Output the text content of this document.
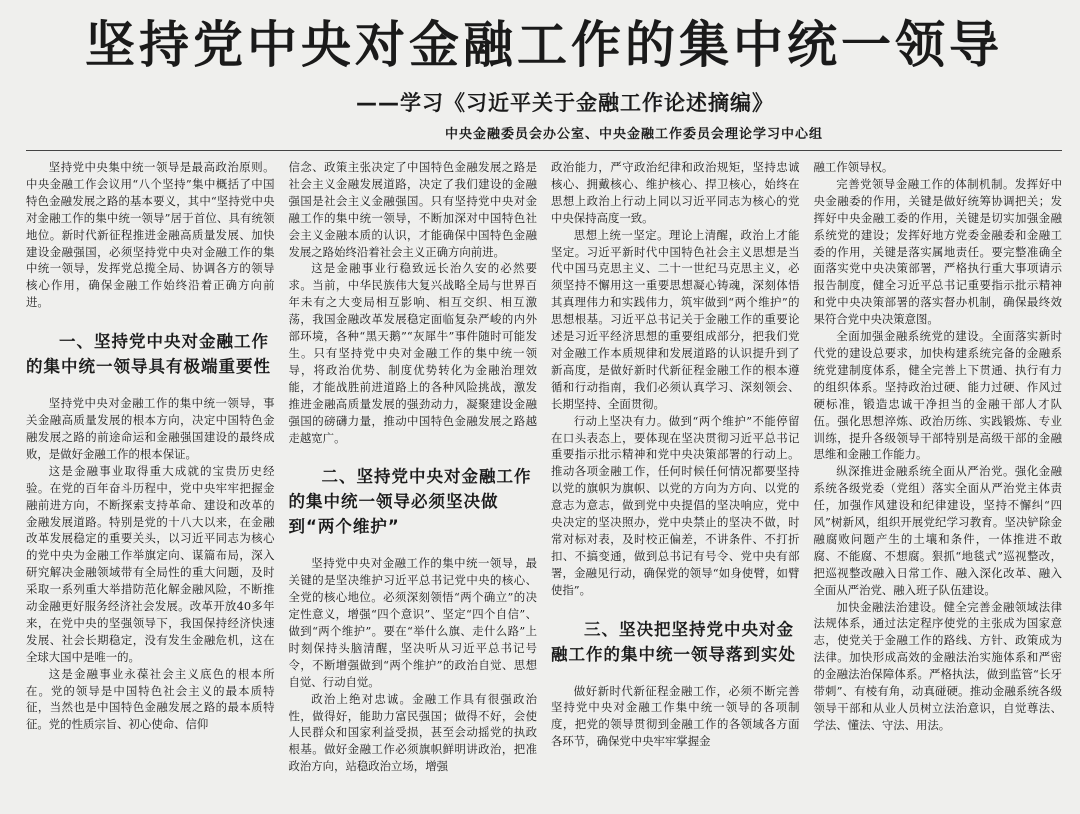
坚持党中央对金融工作的集中统一领导
——学习《习近平关于金融工作论述摘编》
中央金融委员会办公室、中央金融工作委员会理论学习中心组

坚持党中央集中统一领导是最高政治原则。中央金融工作会议用“八个坚持”集中概括了中国特色金融发展之路的基本要义，其中“坚持党中央对金融工作的集中统一领导”居于首位、具有统领地位。新时代新征程推进金融高质量发展、加快建设金融强国，必须坚持党中央对金融工作的集中统一领导，发挥党总揽全局、协调各方的领导核心作用，确保金融工作始终沿着正确方向前进。

一、坚持党中央对金融工作的集中统一领导具有极端重要性

坚持党中央对金融工作的集中统一领导，事关金融高质量发展的根本方向，决定中国特色金融发展之路的前途命运和金融强国建设的最终成败，是做好金融工作的根本保证。

这是金融事业取得重大成就的宝贵历史经验。在党的百年奋斗历程中，党中央牢牢把握金融前进方向，不断探索支持革命、建设和改革的金融发展道路。特别是党的十八大以来，在金融改革发展稳定的重要关头，以习近平同志为核心的党中央为金融工作举旗定向、谋篇布局，深入研究解决金融领域带有全局性的重大问题，及时采取一系列重大举措防范化解金融风险，不断推动金融更好服务经济社会发展。改革开放40多年来，在党中央的坚强领导下，我国保持经济快速发展、社会长期稳定，没有发生金融危机，这在全球大国中是唯一的。

这是金融事业永葆社会主义底色的根本所在。党的领导是中国特色社会主义的最本质特征，当然也是中国特色金融发展之路的最本质特征。党的性质宗旨、初心使命、信仰

信念、政策主张决定了中国特色金融发展之路是社会主义金融发展道路，决定了我们建设的金融强国是社会主义金融强国。只有坚持党中央对金融工作的集中统一领导，不断加深对中国特色社会主义金融本质的认识，才能确保中国特色金融发展之路始终沿着社会主义正确方向前进。

这是金融事业行稳致远长治久安的必然要求。当前，中华民族伟大复兴战略全局与世界百年未有之大变局相互影响、相互交织、相互激荡，我国金融改革发展稳定面临复杂严峻的内外部环境，各种“黑天鹅”“灰犀牛”事件随时可能发生。只有坚持党中央对金融工作的集中统一领导，将政治优势、制度优势转化为金融治理效能，才能战胜前进道路上的各种风险挑战，激发推进金融高质量发展的强劲动力，凝聚建设金融强国的磅礴力量，推动中国特色金融发展之路越走越宽广。

二、坚持党中央对金融工作的集中统一领导必须坚决做到“两个维护”

坚持党中央对金融工作的集中统一领导，最关键的是坚决维护习近平总书记党中央的核心、全党的核心地位。必须深刻领悟“两个确立”的决定性意义，增强“四个意识”、坚定“四个自信”、做到“两个维护”。要在“举什么旗、走什么路”上时刻保持头脑清醒，坚决听从习近平总书记号令，不断增强做到“两个维护”的政治自觉、思想自觉、行动自觉。

政治上绝对忠诚。金融工作具有很强政治性，做得好，能助力富民强国；做得不好，会使人民群众和国家利益受损，甚至会动摇党的执政根基。做好金融工作必须旗帜鲜明讲政治，把准政治方向，站稳政治立场，增强

政治能力，严守政治纪律和政治规矩，坚持忠诚核心、拥戴核心、维护核心、捍卫核心，始终在思想上政治上行动上同以习近平同志为核心的党中央保持高度一致。

思想上统一坚定。理论上清醒，政治上才能坚定。习近平新时代中国特色社会主义思想是当代中国马克思主义、二十一世纪马克思主义，必须坚持不懈用这一重要思想凝心铸魂，深刻体悟其真理伟力和实践伟力，筑牢做到“两个维护”的思想根基。习近平总书记关于金融工作的重要论述是习近平经济思想的重要组成部分，把我们党对金融工作本质规律和发展道路的认识提升到了新高度，是做好新时代新征程金融工作的根本遵循和行动指南，我们必须认真学习、深刻领会、长期坚持、全面贯彻。

行动上坚决有力。做到“两个维护”不能停留在口头表态上，要体现在坚决贯彻习近平总书记重要指示批示精神和党中央决策部署的行动上。推动各项金融工作，任何时候任何情况都要坚持以党的旗帜为旗帜、以党的方向为方向、以党的意志为意志，做到党中央提倡的坚决响应，党中央决定的坚决照办，党中央禁止的坚决不做，时常对标对表，及时校正偏差，不讲条件、不打折扣、不搞变通，做到总书记有号令、党中央有部署，金融见行动，确保党的领导“如身使臂，如臂使指”。

三、坚决把坚持党中央对金融工作的集中统一领导落到实处

做好新时代新征程金融工作，必须不断完善坚持党中央对金融工作集中统一领导的各项制度，把党的领导贯彻到金融工作的各领域各方面各环节，确保党中央牢牢掌握金

融工作领导权。

完善党领导金融工作的体制机制。发挥好中央金融委的作用，关键是做好统筹协调把关；发挥好中央金融工委的作用，关键是切实加强金融系统党的建设；发挥好地方党委金融委和金融工委的作用，关键是落实属地责任。要完整准确全面落实党中央决策部署，严格执行重大事项请示报告制度，健全习近平总书记重要指示批示精神和党中央决策部署的落实督办机制，确保最终效果符合党中央决策意图。

全面加强金融系统党的建设。全面落实新时代党的建设总要求，加快构建系统完备的金融系统党建制度体系，健全完善上下贯通、执行有力的组织体系。坚持政治过硬、能力过硬、作风过硬标准，锻造忠诚干净担当的金融干部人才队伍。强化思想淬炼、政治历练、实践锻炼、专业训练，提升各级领导干部特别是高级干部的金融思维和金融工作能力。

纵深推进金融系统全面从严治党。强化金融系统各级党委（党组）落实全面从严治党主体责任，加强作风建设和纪律建设，坚持不懈纠“四风”树新风，组织开展党纪学习教育。坚决铲除金融腐败问题产生的土壤和条件，一体推进不敢腐、不能腐、不想腐。狠抓“地毯式”巡视整改，把巡视整改融入日常工作、融入深化改革、融入全面从严治党、融入班子队伍建设。

加快金融法治建设。健全完善金融领域法律法规体系，通过法定程序使党的主张成为国家意志，使党关于金融工作的路线、方针、政策成为法律。加快形成高效的金融法治实施体系和严密的金融法治保障体系。严格执法，做到监管“长牙带刺”、有棱有角，动真碰硬。推动金融系统各级领导干部和从业人员树立法治意识，自觉尊法、学法、懂法、守法、用法。
